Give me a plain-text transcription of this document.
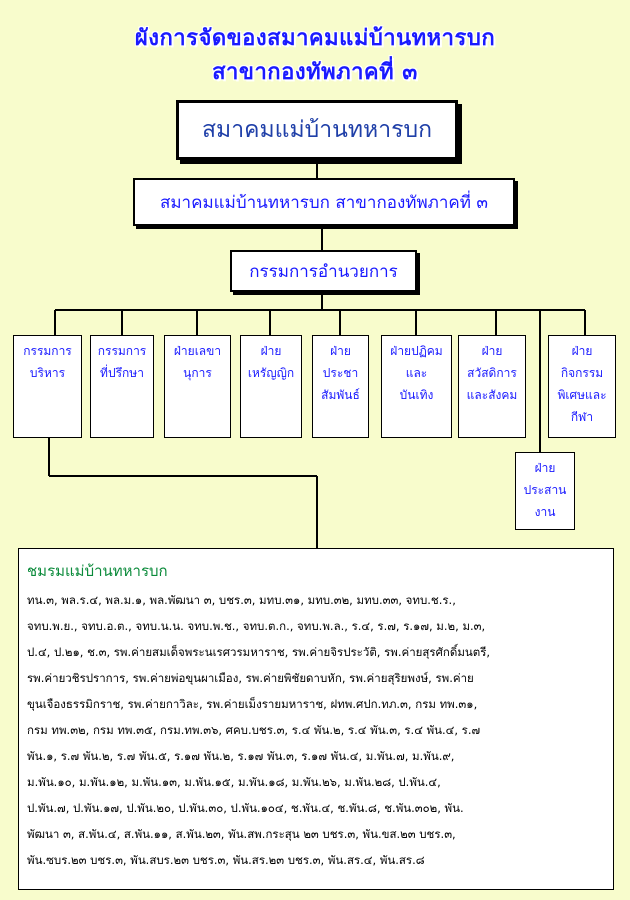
ผังการจัดของสมาคมแม่บ้านทหารบก
สาขากองทัพภาคที่ ๓
สมาคมแม่บ้านทหารบก
สมาคมแม่บ้านทหารบก สาขากองทัพภาคที่ ๓
กรรมการอำนวยการ
กรรมการ
บริหาร
กรรมการ
ที่ปรึกษา
ฝ่ายเลขา
นุการ
ฝ่าย
เหรัญญิก
ฝ่าย
ประชา
สัมพันธ์
ฝ่ายปฏิคม
และ
บันเทิง
ฝ่าย
สวัสดิการ
และสังคม
ฝ่าย
กิจกรรม
พิเศษและ
กีฬา
ฝ่าย
ประสาน
งาน
ชมรมแม่บ้านทหารบก
ทน.๓, พล.ร.๔, พล.ม.๑, พล.พัฒนา ๓, บชร.๓, มทบ.๓๑, มทบ.๓๒, มทบ.๓๓, จทบ.ช.ร.,
จทบ.พ.ย., จทบ.อ.ต., จทบ.น.น. จทบ.พ.ช., จทบ.ต.ก., จทบ.พ.ล., ร.๔, ร.๗, ร.๑๗, ม.๒, ม.๓,
ป.๔, ป.๒๑, ช.๓, รพ.ค่ายสมเด็จพระนเรศวรมหาราช, รพ.ค่ายจิรประวัติ, รพ.ค่ายสุรศักดิ์มนตรี,
รพ.ค่ายวชิรปราการ, รพ.ค่ายพ่อขุนผาเมือง, รพ.ค่ายพิชัยดาบหัก, รพ.ค่ายสุริยพงษ์, รพ.ค่าย
ขุนเจืองธรรมิกราช, รพ.ค่ายกาวิละ, รพ.ค่ายเม็งรายมหาราช, ฝทพ.ศปก.ทภ.๓, กรม ทพ.๓๑,
กรม ทพ.๓๒, กรม ทพ.๓๕, กรม.ทพ.๓๖, ศคบ.บชร.๓, ร.๔ พัน.๒, ร.๔ พัน.๓, ร.๔ พัน.๔, ร.๗
พัน.๑, ร.๗ พัน.๒, ร.๗ พัน.๕, ร.๑๗ พัน.๒, ร.๑๗ พัน.๓, ร.๑๗ พัน.๔, ม.พัน.๗, ม.พัน.๙,
ม.พัน.๑๐, ม.พัน.๑๒, ม.พัน.๑๓, ม.พัน.๑๕, ม.พัน.๑๘, ม.พัน.๒๖, ม.พัน.๒๘, ป.พัน.๔,
ป.พัน.๗, ป.พัน.๑๗, ป.พัน.๒๐, ป.พัน.๓๐, ป.พัน.๑๐๔, ช.พัน.๔, ช.พัน.๘, ช.พัน.๓๐๒, พัน.
พัฒนา ๓, ส.พัน.๔, ส.พัน.๑๑, ส.พัน.๒๓, พัน.สพ.กระสุน ๒๓ บชร.๓, พัน.ขส.๒๓ บชร.๓,
พัน.ซบร.๒๓ บชร.๓, พัน.สบร.๒๓ บชร.๓, พัน.สร.๒๓ บชร.๓, พัน.สร.๔, พัน.สร.๘
